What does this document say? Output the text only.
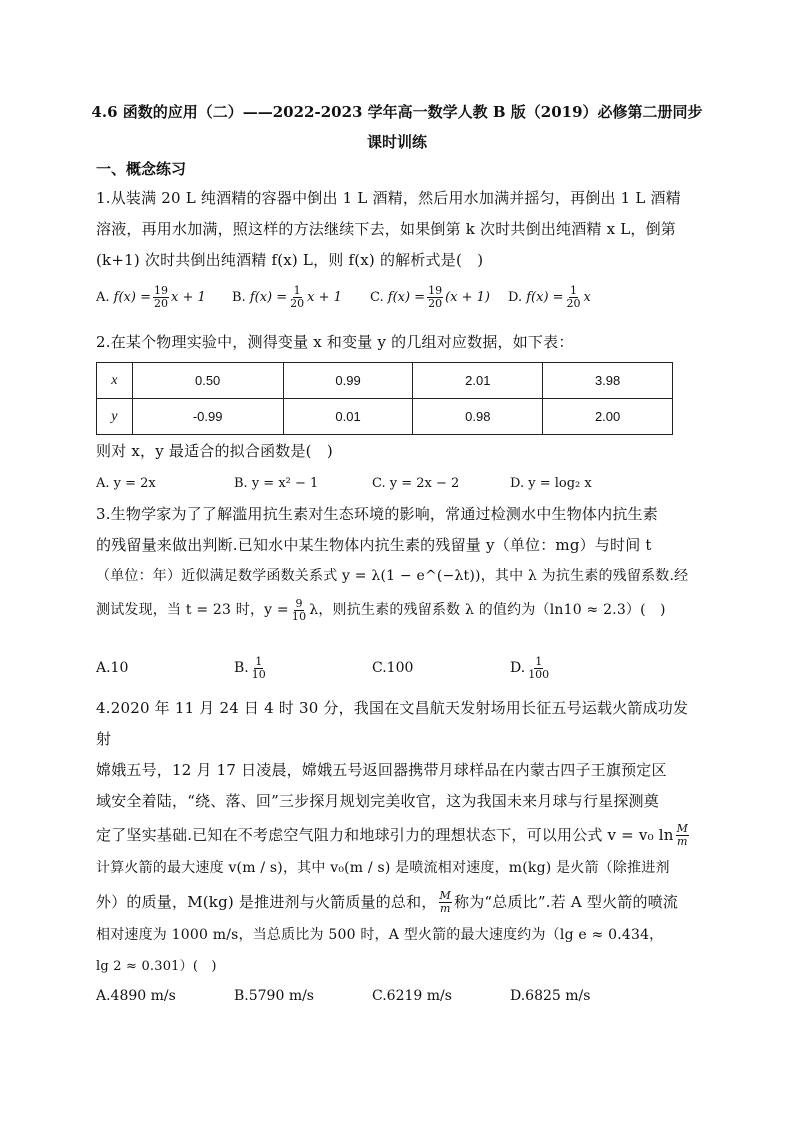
4.6 函数的应用（二）——2022-2023 学年高一数学人教 B 版（2019）必修第二册同步
课时训练
一、概念练习
1.从装满 20 L 纯酒精的容器中倒出 1 L 酒精，然后用水加满并摇匀，再倒出 1 L 酒精
溶液，再用水加满，照这样的方法继续下去，如果倒第 k 次时共倒出纯酒精 x L，倒第
(k+1) 次时共倒出纯酒精 f(x) L，则 f(x) 的解析式是(　)
A.
$f(x) = \frac{19}{20}$ x + 1 B.
$f(x) = \frac{1}{20}$ x + 1 C.
$f(x) = \frac{19}{20} (x + 1)$ D.
$f(x) = \frac{1}{20}$ x
2.在某个物理实验中，测得变量 x 和变量 y 的几组对应数据，如下表：
x	0.50	0.99	2.01	3.98
y	-0.99	0.01	0.98	2.00
则对 x，y 最适合的拟合函数是(　)
A. y = 2x	B. y = x² − 1	C. y = 2x − 2	D. y = log₂ x
3.生物学家为了了解滥用抗生素对生态环境的影响，常通过检测水中生物体内抗生素
的残留量来做出判断.已知水中某生物体内抗生素的残留量 y（单位：mg）与时间 t
（单位：年）近似满足数学函数关系式 y = λ(1 − e^(−λt))，其中 λ 为抗生素的残留系数.经
测试发现，当 t = 23 时，$y = \frac{9}{10}$ λ，则抗生素的残留系数 λ 的值约为（ln10 ≈ 2.3）(　)
A.10	B. $\frac{1}{10}$	C.100	D. $\frac{1}{100}$
4.2020 年 11 月 24 日 4 时 30 分，我国在文昌航天发射场用长征五号运载火箭成功发射
嫦娥五号，12 月 17 日凌晨，嫦娥五号返回器携带月球样品在内蒙古四子王旗预定区
域安全着陆，“绕、落、回”三步探月规划完美收官，这为我国未来月球与行星探测奠
定了坚实基础.已知在不考虑空气阻力和地球引力的理想状态下，可以用公式 v = v₀ $\ln \frac{M}{m}$
计算火箭的最大速度 v(m / s)，其中 v₀(m / s) 是喷流相对速度，m(kg) 是火箭（除推进剂
外）的质量，M(kg) 是推进剂与火箭质量的总和， $\frac{M}{m}$ 称为“总质比”.若 A 型火箭的喷流
相对速度为 1000 m/s，当总质比为 500 时，A 型火箭的最大速度约为（lg e ≈ 0.434，
lg 2 ≈ 0.301）(　)
A.4890 m/s	B.5790 m/s	C.6219 m/s	D.6825 m/s
